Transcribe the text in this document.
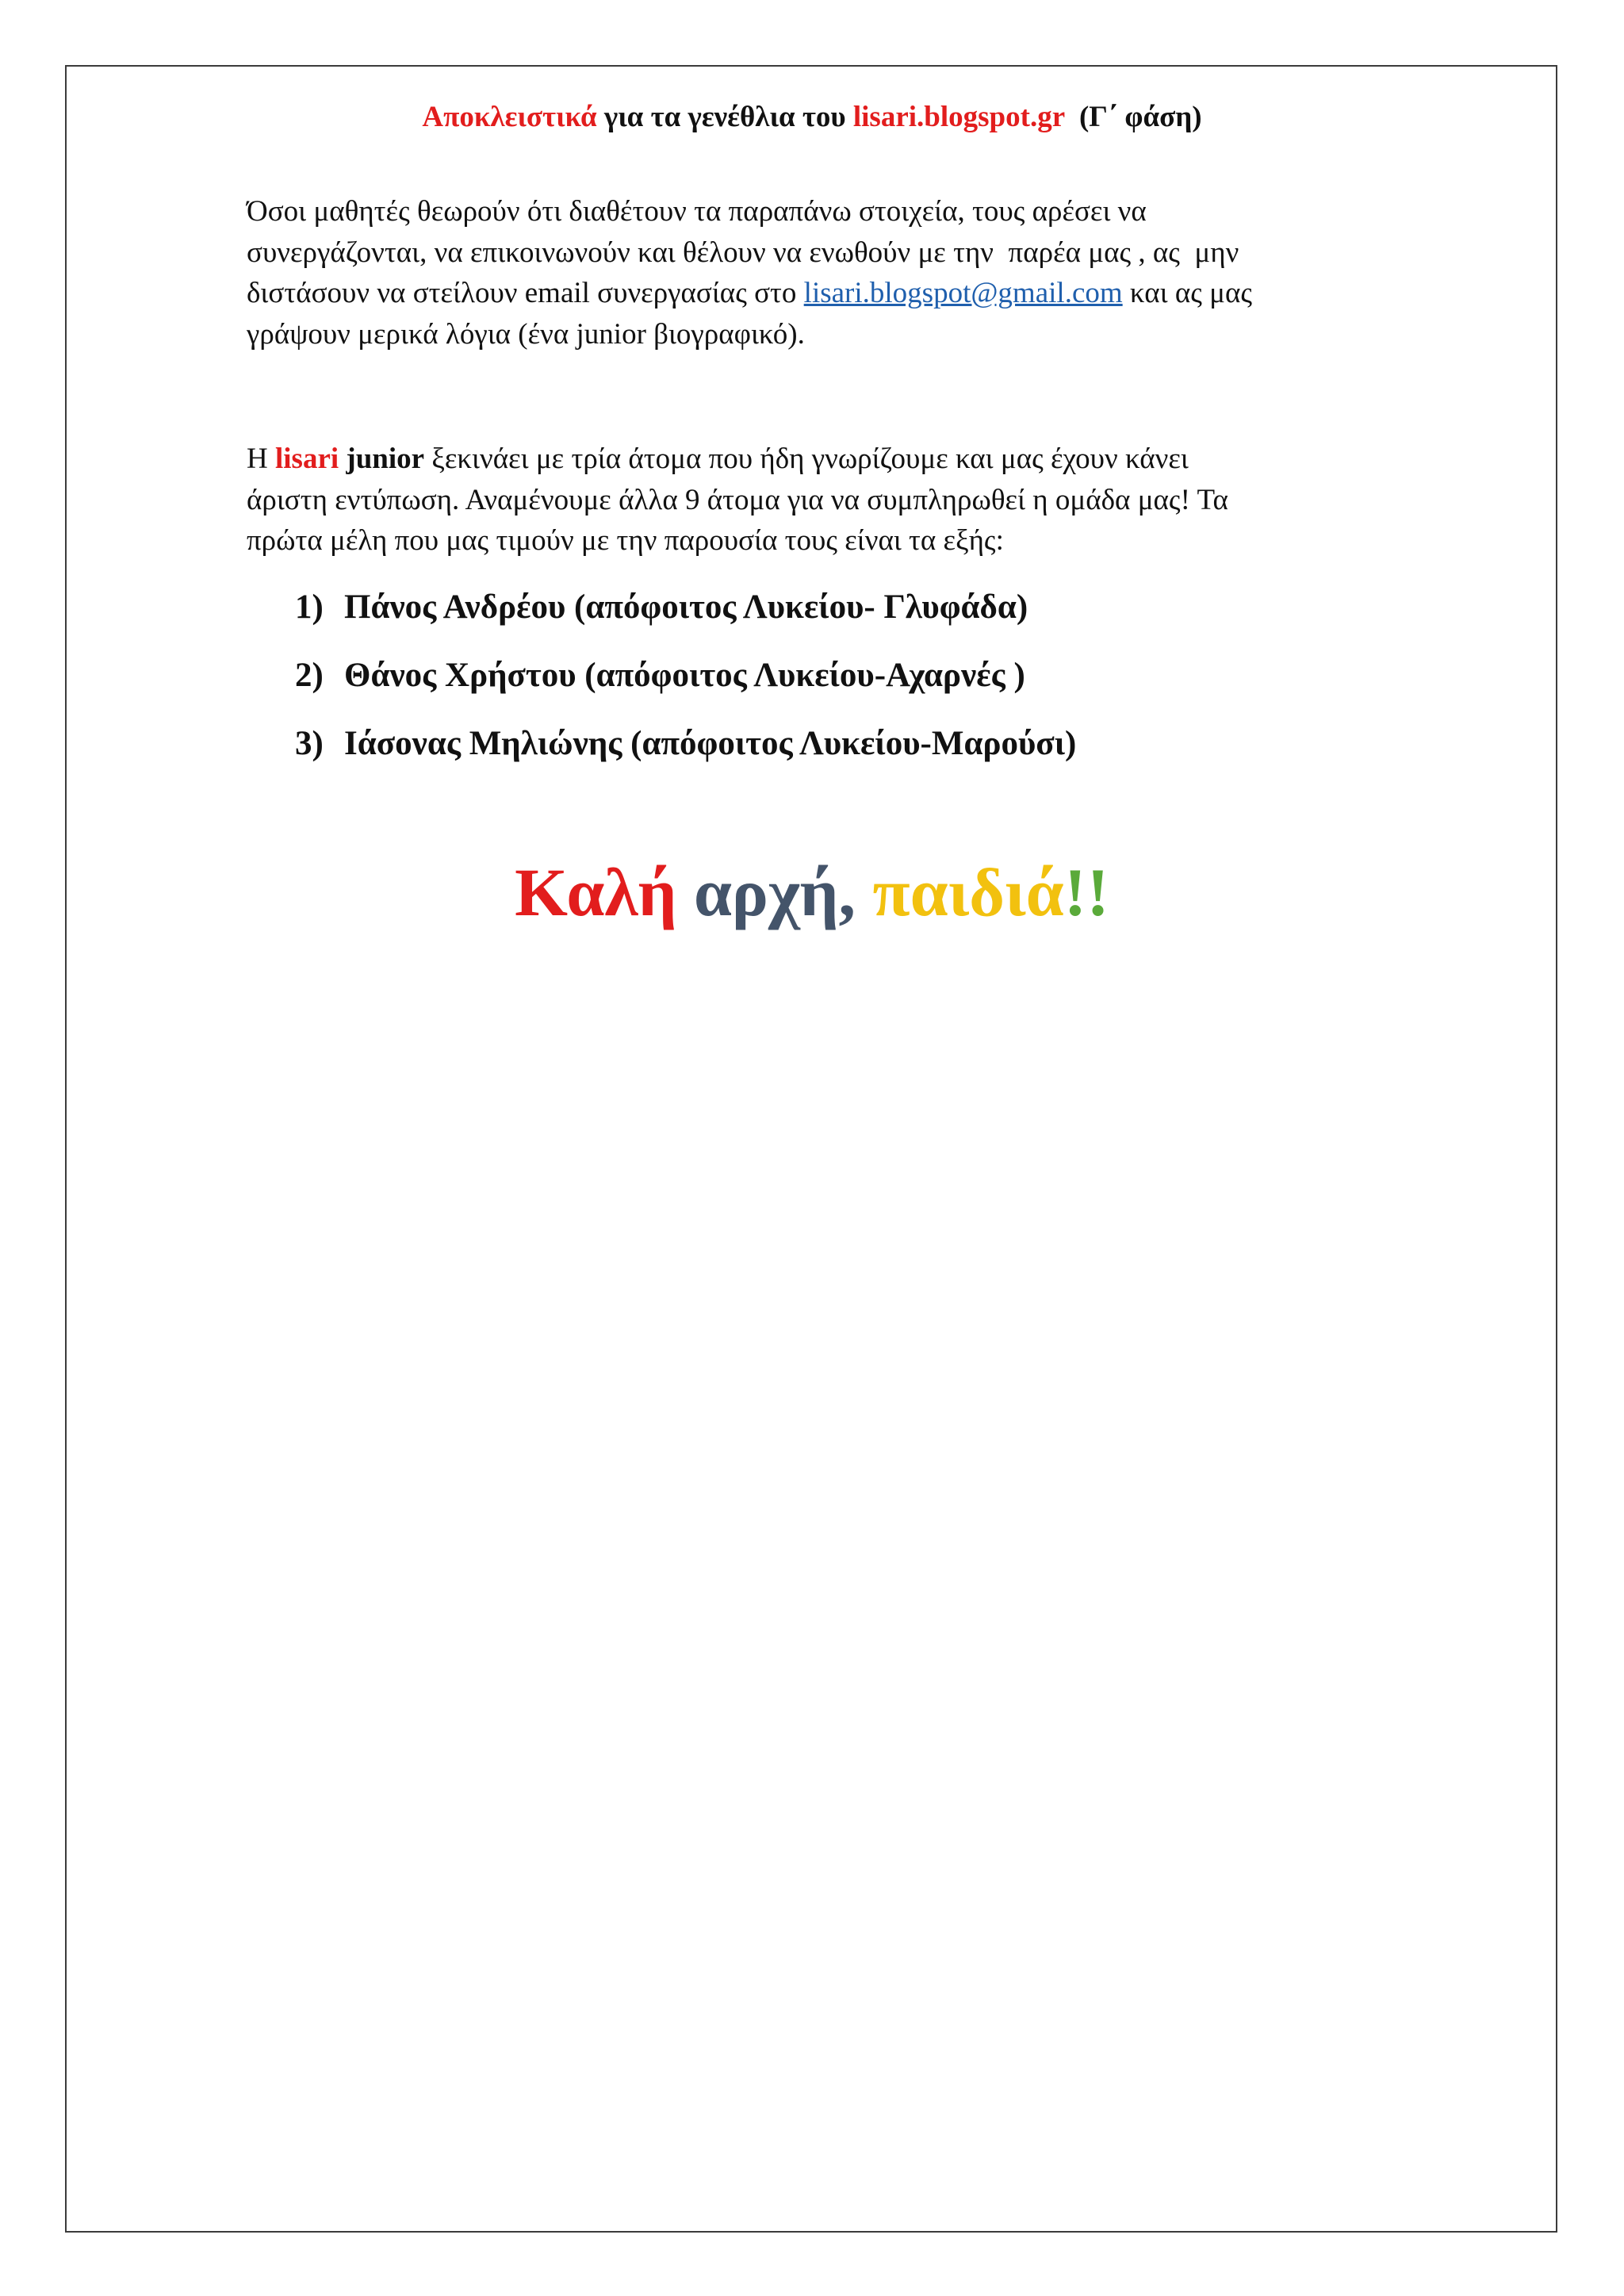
Αποκλειστικά για τα γενέθλια του lisari.blogspot.gr  (Γ΄ φάση)
Όσοι μαθητές θεωρούν ότι διαθέτουν τα παραπάνω στοιχεία, τους αρέσει να
συνεργάζονται, να επικοινωνούν και θέλουν να ενωθούν με την  παρέα μας , ας  μην
διστάσουν να στείλουν email συνεργασίας στο lisari.blogspot@gmail.com και ας μας
γράψουν μερικά λόγια (ένα junior βιογραφικό).
Η lisari junior ξεκινάει με τρία άτομα που ήδη γνωρίζουμε και μας έχουν κάνει
άριστη εντύπωση. Αναμένουμε άλλα 9 άτομα για να συμπληρωθεί η ομάδα μας! Τα
πρώτα μέλη που μας τιμούν με την παρουσία τους είναι τα εξής:
1) Πάνος Ανδρέου (απόφοιτος Λυκείου- Γλυφάδα)
2) Θάνος Χρήστου (απόφοιτος Λυκείου-Αχαρνές )
3) Ιάσονας Μηλιώνης (απόφοιτος Λυκείου-Μαρούσι)
Καλή αρχή, παιδιά!!
